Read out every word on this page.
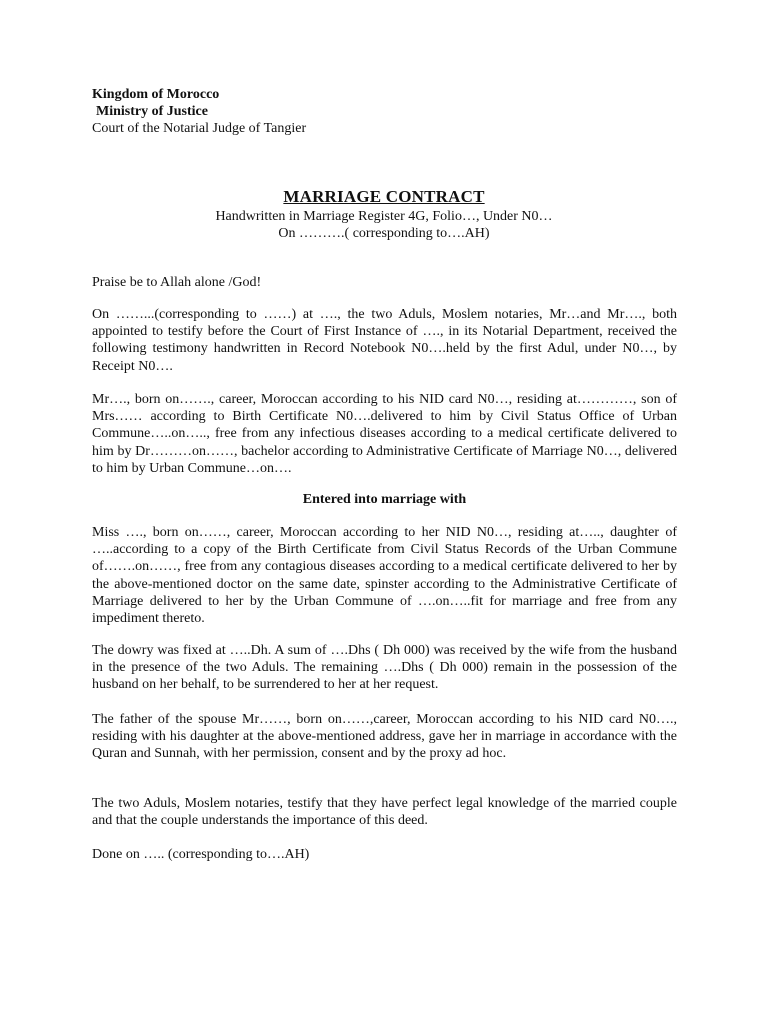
Kingdom of Morocco
Ministry of Justice
Court of the Notarial Judge of Tangier
MARRIAGE CONTRACT
Handwritten in Marriage Register 4G, Folio…, Under N0…
On ……….( corresponding to….AH)

Praise be to Allah alone /God!

On ……...(corresponding to ……) at …., the two Aduls, Moslem notaries, Mr…and Mr…., both appointed to testify before the Court of First Instance of …., in its Notarial Department, received the following testimony handwritten in Record Notebook N0….held by the first Adul, under N0…, by Receipt N0….

Mr…., born on……., career, Moroccan according to his NID card N0…, residing at…………, son of Mrs…… according to Birth Certificate N0….delivered to him by Civil Status Office of Urban Commune…..on….., free from any infectious diseases according to a medical certificate delivered to him by Dr………on……, bachelor according to Administrative Certificate of Marriage N0…, delivered to him by Urban Commune…on….

Entered into marriage with

Miss …., born on……, career, Moroccan according to her NID N0…, residing at….., daughter of …..according to a copy of the Birth Certificate from Civil Status Records of the Urban Commune of…….on……, free from any contagious diseases according to a medical certificate delivered to her by the above-mentioned doctor on the same date, spinster according to the Administrative Certificate of Marriage delivered to her by the Urban Commune of ….on…..fit for marriage and free from any impediment thereto.

The dowry was fixed at …..Dh. A sum of ….Dhs ( Dh 000) was received by the wife from the husband in the presence of the two Aduls. The remaining ….Dhs ( Dh 000) remain in the possession of the husband on her behalf, to be surrendered to her at her request.

The father of the spouse Mr……, born on……,career, Moroccan according to his NID card N0…., residing with his daughter at the above-mentioned address, gave her in marriage in accordance with the Quran and Sunnah, with her permission, consent and by the proxy ad hoc.

The two Aduls, Moslem notaries, testify that they have perfect legal knowledge of the married couple and that the couple understands the importance of this deed.

Done on ….. (corresponding to….AH)
